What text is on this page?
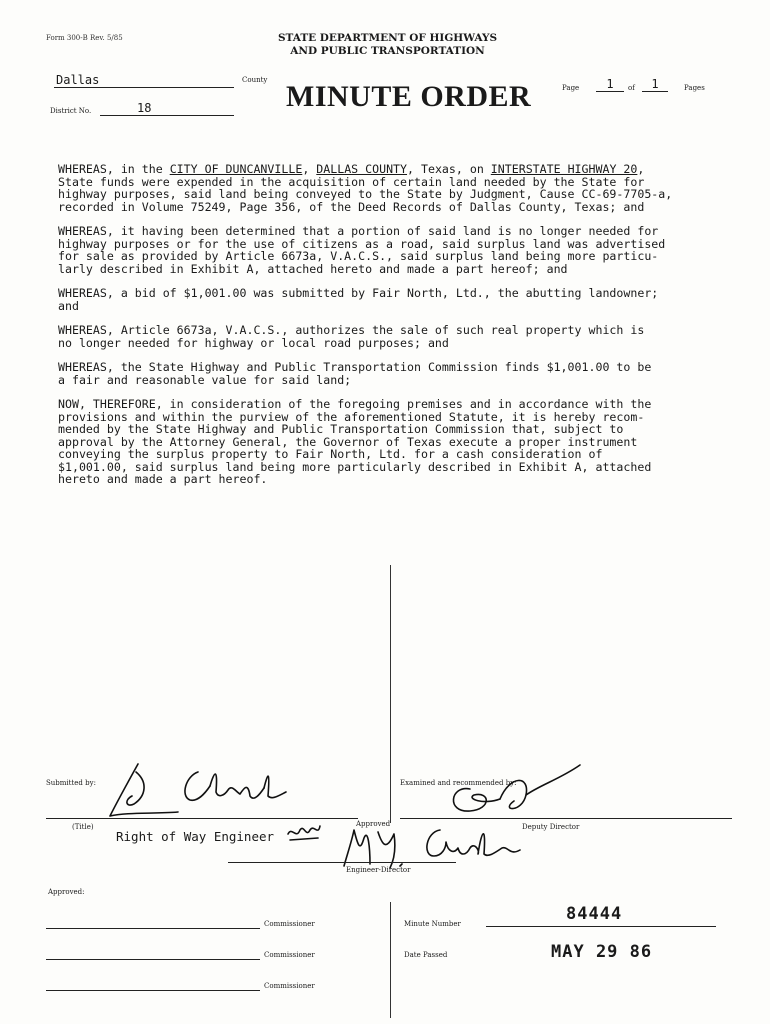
Form 300-B Rev. 5/85	STATE DEPARTMENT OF HIGHWAYS
AND PUBLIC TRANSPORTATION
Dallas	County
District No.	18	MINUTE ORDER	Page	1	of	1	Pages

WHEREAS, in the CITY OF DUNCANVILLE, DALLAS COUNTY, Texas, on INTERSTATE HIGHWAY 20,
State funds were expended in the acquisition of certain land needed by the State for
highway purposes, said land being conveyed to the State by Judgment, Cause CC-69-7705-a,
recorded in Volume 75249, Page 356, of the Deed Records of Dallas County, Texas; and

WHEREAS, it having been determined that a portion of said land is no longer needed for
highway purposes or for the use of citizens as a road, said surplus land was advertised
for sale as provided by Article 6673a, V.A.C.S., said surplus land being more particu-
larly described in Exhibit A, attached hereto and made a part hereof; and

WHEREAS, a bid of $1,001.00 was submitted by Fair North, Ltd., the abutting landowner;
and

WHEREAS, Article 6673a, V.A.C.S., authorizes the sale of such real property which is
no longer needed for highway or local road purposes; and

WHEREAS, the State Highway and Public Transportation Commission finds $1,001.00 to be
a fair and reasonable value for said land;

NOW, THEREFORE, in consideration of the foregoing premises and in accordance with the
provisions and within the purview of the aforementioned Statute, it is hereby recom-
mended by the State Highway and Public Transportation Commission that, subject to
approval by the Attorney General, the Governor of Texas execute a proper instrument
conveying the surplus property to Fair North, Ltd. for a cash consideration of
$1,001.00, said surplus land being more particularly described in Exhibit A, attached
hereto and made a part hereof.

Submitted by:
(Title)
Right of Way Engineer
Examined and recommended by:
Deputy Director
Approved
Engineer-Director
Approved:
Commissioner
Commissioner
Commissioner
Minute Number	84444
Date Passed	MAY 29 86
